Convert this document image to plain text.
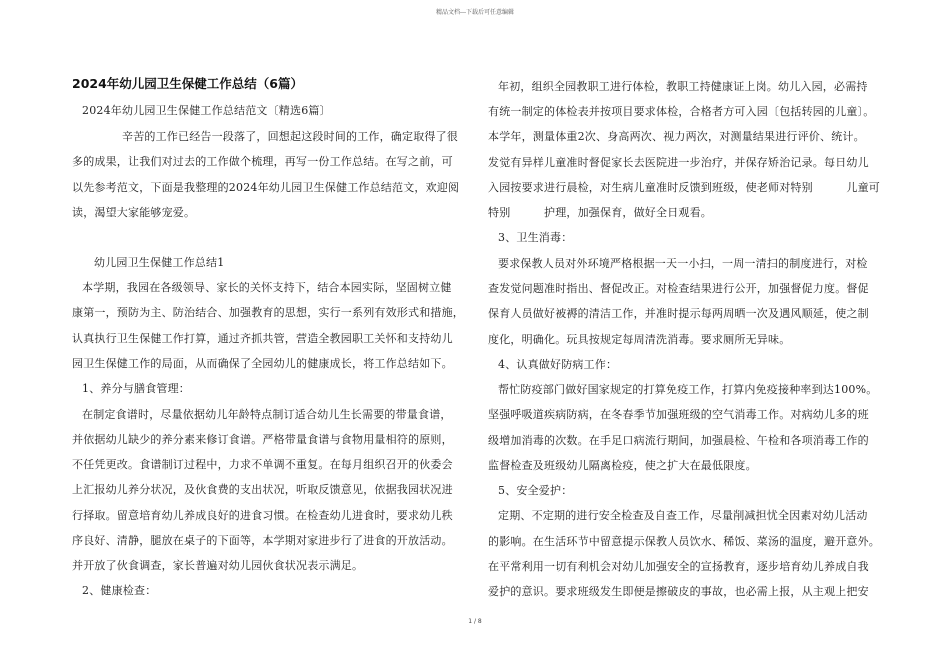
精品文档---下载后可任意编辑
2024年幼儿园卫生保健工作总结（6篇）
2024年幼儿园卫生保健工作总结范文〔精选6篇〕
辛苦的工作已经告一段落了，回想起这段时间的工作，确定取得了很
多的成果，让我们对过去的工作做个梳理，再写一份工作总结。在写之前，可
以先参考范文，下面是我整理的2024年幼儿园卫生保健工作总结范文，欢迎阅
读，渴望大家能够宠爱。
幼儿园卫生保健工作总结1
本学期，我园在各级领导、家长的关怀支持下，结合本园实际，坚固树立健
康第一，预防为主、防治结合、加强教育的思想，实行一系列有效形式和措施，
认真执行卫生保健工作打算，通过齐抓共管，营造全教园职工关怀和支持幼儿
园卫生保健工作的局面，从而确保了全园幼儿的健康成长，将工作总结如下。
1、养分与膳食管理：
在制定食谱时，尽量依据幼儿年龄特点制订适合幼儿生长需要的带量食谱，
并依据幼儿缺少的养分素来修订食谱。严格带量食谱与食物用量相符的原则，
不任凭更改。食谱制订过程中，力求不单调不重复。在每月组织召开的伙委会
上汇报幼儿养分状况，及伙食费的支出状况，听取反馈意见，依据我园状况进
行择取。留意培育幼儿养成良好的进食习惯。在检查幼儿进食时，要求幼儿秩
序良好、清静，腿放在桌子的下面等，本学期对家进步行了进食的开放活动。
并开放了伙食调查，家长普遍对幼儿园伙食状况表示满足。
2、健康检查：
年初，组织全园教职工进行体检，教职工持健康证上岗。幼儿入园，必需持
有统一制定的体检表并按项目要求体检，合格者方可入园〔包括转园的儿童〕。
本学年，测量体重2次、身高两次、视力两次，对测量结果进行评价、统计。
发觉有异样儿童准时督促家长去医院进一步治疗，并保存矫治记录。每日幼儿
入园按要求进行晨检，对生病儿童准时反馈到班级，使老师对特别　　　儿童可
特别　　　护理，加强保育，做好全日观看。
3、卫生消毒：
要求保教人员对外环境严格根据一天一小扫，一周一清扫的制度进行，对检
查发觉问题准时指出、督促改正。对检查结果进行公开，加强督促力度。督促
保育人员做好被褥的清洁工作，并准时提示每两周晒一次及遇风顺延，使之制
度化，明确化。玩具按规定每周清洗消毒。要求厕所无异味。
4、认真做好防病工作：
帮忙防疫部门做好国家规定的打算免疫工作，打算内免疫接种率到达100%。
坚强呼吸道疾病防病，在冬春季节加强班级的空气消毒工作。对病幼儿多的班
级增加消毒的次数。在手足口病流行期间，加强晨检、午检和各项消毒工作的
监督检查及班级幼儿隔离检疫，使之扩大在最低限度。
5、安全爱护：
定期、不定期的进行安全检查及自查工作，尽量削减担忧全因素对幼儿活动
的影响。在生活环节中留意提示保教人员饮水、稀饭、菜汤的温度，避开意外。
在平常利用一切有利机会对幼儿加强安全的宣扬教育，逐步培育幼儿养成自我
爱护的意识。要求班级发生即便是擦破皮的事故，也必需上报，从主观上把安
1 / 8
